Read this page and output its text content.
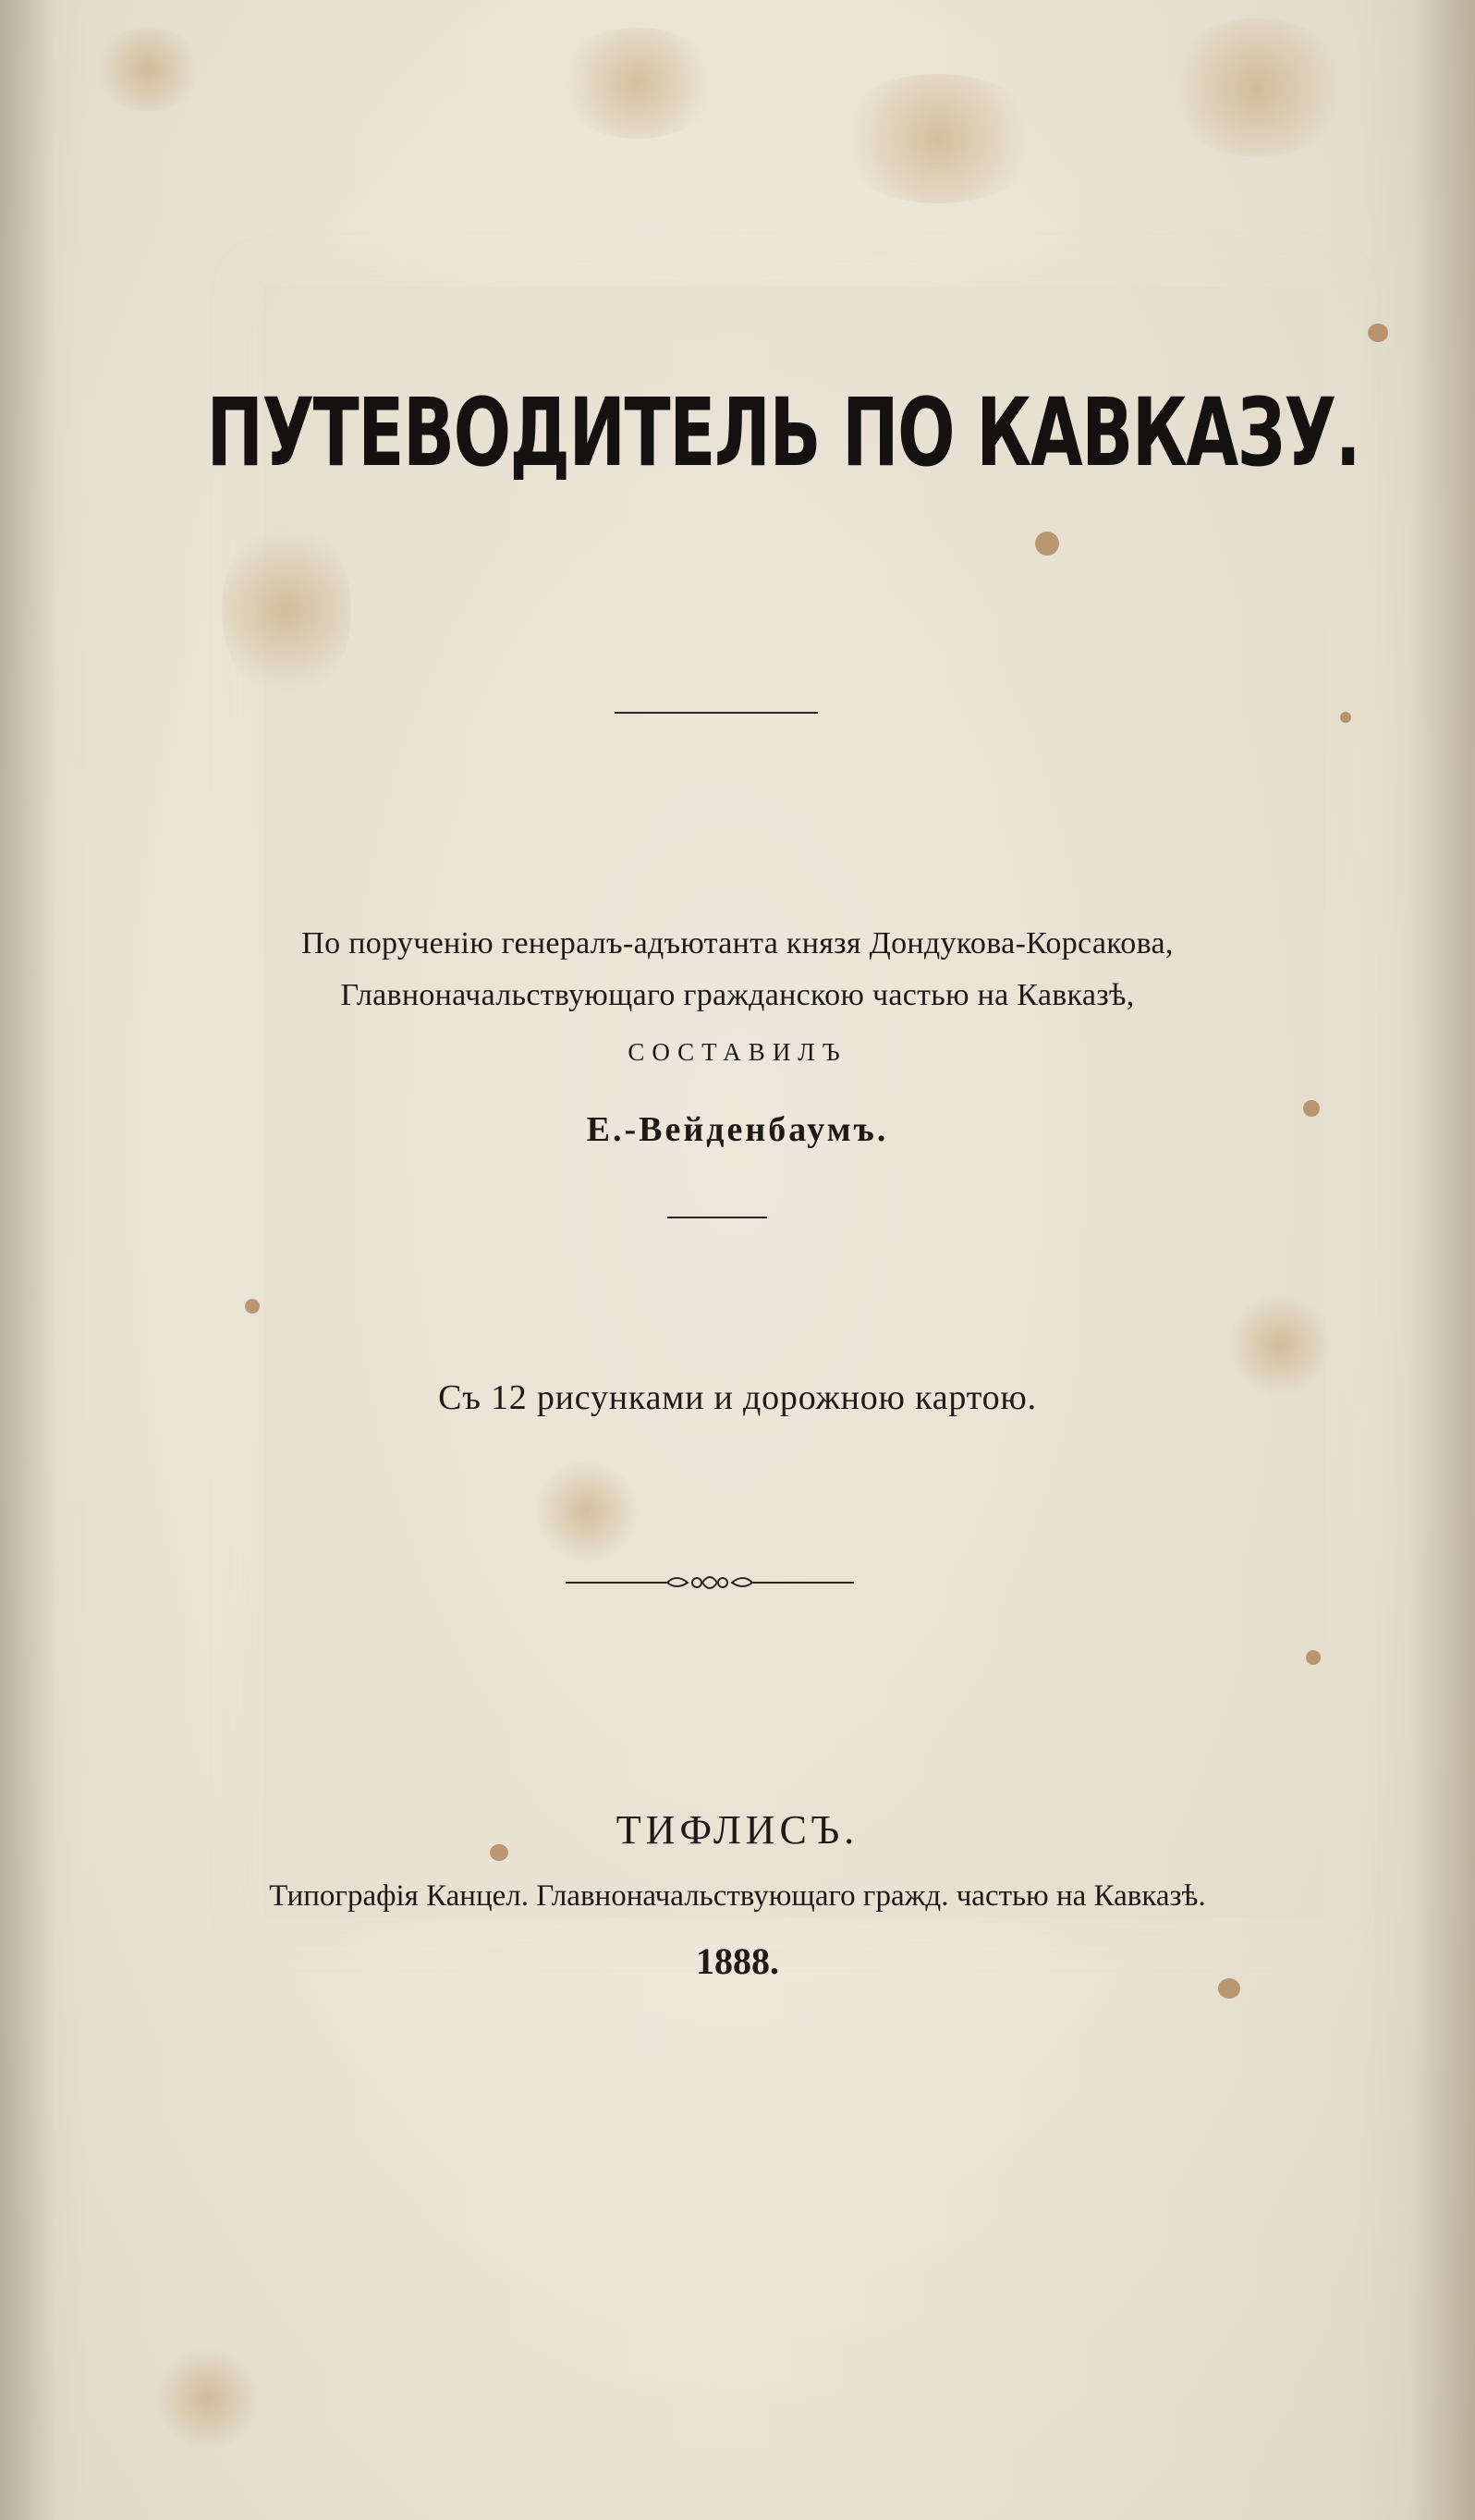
ПУТЕВОДИТЕЛЬ ПО КАВКАЗУ.
По порученію генералъ-адъютанта князя Дондукова-Корсакова,
Главноначальствующаго гражданскою частью на Кавказѣ,
СОСТАВИЛЪ
Е.-Вейденбаумъ.
Съ 12 рисунками и дорожною картою.
ТИФЛИСЪ.
Типографія Канцел. Главноначальствующаго гражд. частью на Кавказѣ.
1888.
